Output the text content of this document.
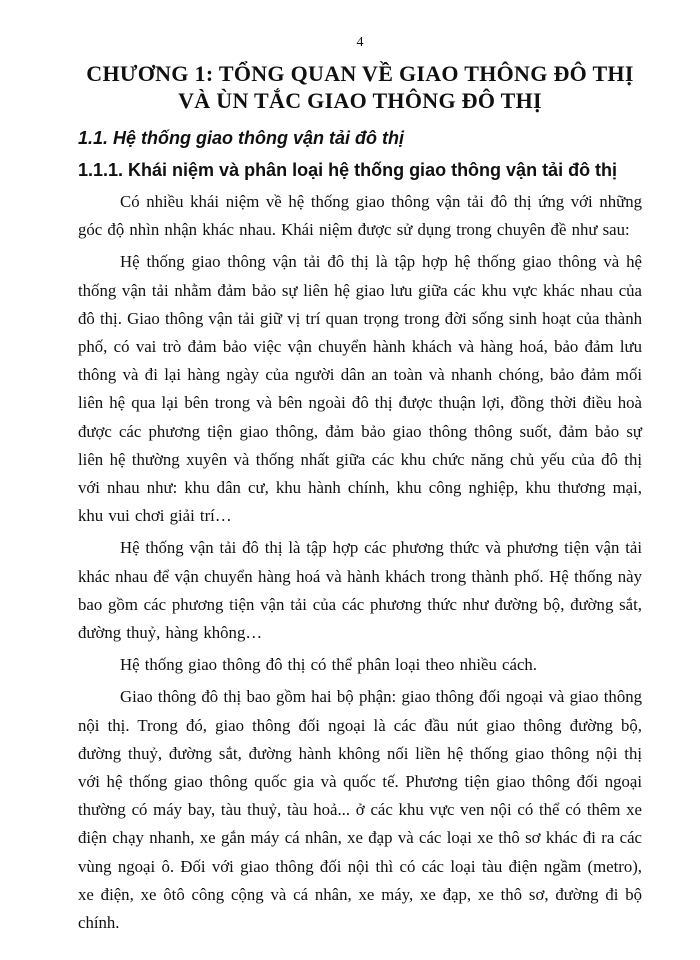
4
CHƯƠNG 1: TỔNG QUAN VỀ GIAO THÔNG ĐÔ THỊ
VÀ ÙN TẮC GIAO THÔNG ĐÔ THỊ
1.1. Hệ thống giao thông vận tải đô thị
1.1.1. Khái niệm và phân loại hệ thống giao thông vận tải đô thị

Có nhiều khái niệm về hệ thống giao thông vận tải đô thị ứng với những góc độ nhìn nhận khác nhau. Khái niệm được sử dụng trong chuyên đề như sau:

Hệ thống giao thông vận tải đô thị là tập hợp hệ thống giao thông và hệ thống vận tải nhằm đảm bảo sự liên hệ giao lưu giữa các khu vực khác nhau của đô thị. Giao thông vận tải giữ vị trí quan trọng trong đời sống sinh hoạt của thành phố, có vai trò đảm bảo việc vận chuyển hành khách và hàng hoá, bảo đảm lưu thông và đi lại hàng ngày của người dân an toàn và nhanh chóng, bảo đảm mối liên hệ qua lại bên trong và bên ngoài đô thị được thuận lợi, đồng thời điều hoà được các phương tiện giao thông, đảm bảo giao thông thông suốt, đảm bảo sự liên hệ thường xuyên và thống nhất giữa các khu chức năng chủ yếu của đô thị với nhau như: khu dân cư, khu hành chính, khu công nghiệp, khu thương mại, khu vui chơi giải trí…

Hệ thống vận tải đô thị là tập hợp các phương thức và phương tiện vận tải khác nhau để vận chuyển hàng hoá và hành khách trong thành phố. Hệ thống này bao gồm các phương tiện vận tải của các phương thức như đường bộ, đường sắt, đường thuỷ, hàng không…

Hệ thống giao thông đô thị có thể phân loại theo nhiều cách.

Giao thông đô thị bao gồm hai bộ phận: giao thông đối ngoại và giao thông nội thị. Trong đó, giao thông đối ngoại là các đầu nút giao thông đường bộ, đường thuỷ, đường sắt, đường hành không nối liền hệ thống giao thông nội thị với hệ thống giao thông quốc gia và quốc tế. Phương tiện giao thông đối ngoại thường có máy bay, tàu thuỷ, tàu hoả... ở các khu vực ven nội có thể có thêm xe điện chạy nhanh, xe gắn máy cá nhân, xe đạp và các loại xe thô sơ khác đi ra các vùng ngoại ô. Đối với giao thông đối nội thì có các loại tàu điện ngầm (metro), xe điện, xe ôtô công cộng và cá nhân, xe máy, xe đạp, xe thô sơ, đường đi bộ chính.
